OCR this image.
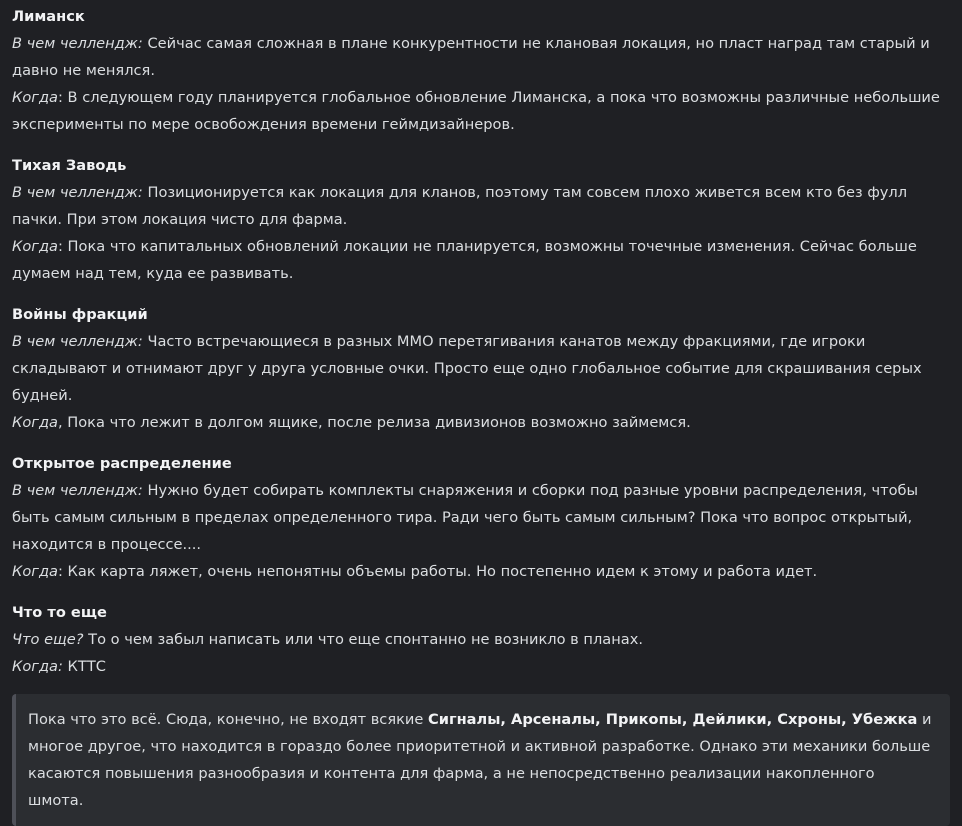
Лиманск
В чем челлендж: Сейчас самая сложная в плане конкурентности не клановая локация, но пласт наград там старый и давно не менялся.
Когда: В следующем году планируется глобальное обновление Лиманска, а пока что возможны различные небольшие эксперименты по мере освобождения времени геймдизайнеров.
Тихая Заводь
В чем челлендж: Позиционируется как локация для кланов, поэтому там совсем плохо живется всем кто без фулл пачки. При этом локация чисто для фарма.
Когда: Пока что капитальных обновлений локации не планируется, возможны точечные изменения. Сейчас больше думаем над тем, куда ее развивать.
Войны фракций
В чем челлендж: Часто встречающиеся в разных ММО перетягивания канатов между фракциями, где игроки складывают и отнимают друг у друга условные очки. Просто еще одно глобальное событие для скрашивания серых будней.
Когда, Пока что лежит в долгом ящике, после релиза дивизионов возможно займемся.
Открытое распределение
В чем челлендж: Нужно будет собирать комплекты снаряжения и сборки под разные уровни распределения, чтобы быть самым сильным в пределах определенного тира. Ради чего быть самым сильным? Пока что вопрос открытый, находится в процессе....
Когда: Как карта ляжет, очень непонятны объемы работы. Но постепенно идем к этому и работа идет.
Что то еще
Что еще? То о чем забыл написать или что еще спонтанно не возникло в планах.
Когда: КТТС
Пока что это всё. Сюда, конечно, не входят всякие Сигналы, Арсеналы, Прикопы, Дейлики, Схроны, Убежка и многое другое, что находится в гораздо более приоритетной и активной разработке. Однако эти механики больше касаются повышения разнообразия и контента для фарма, а не непосредственно реализации накопленного шмота.
